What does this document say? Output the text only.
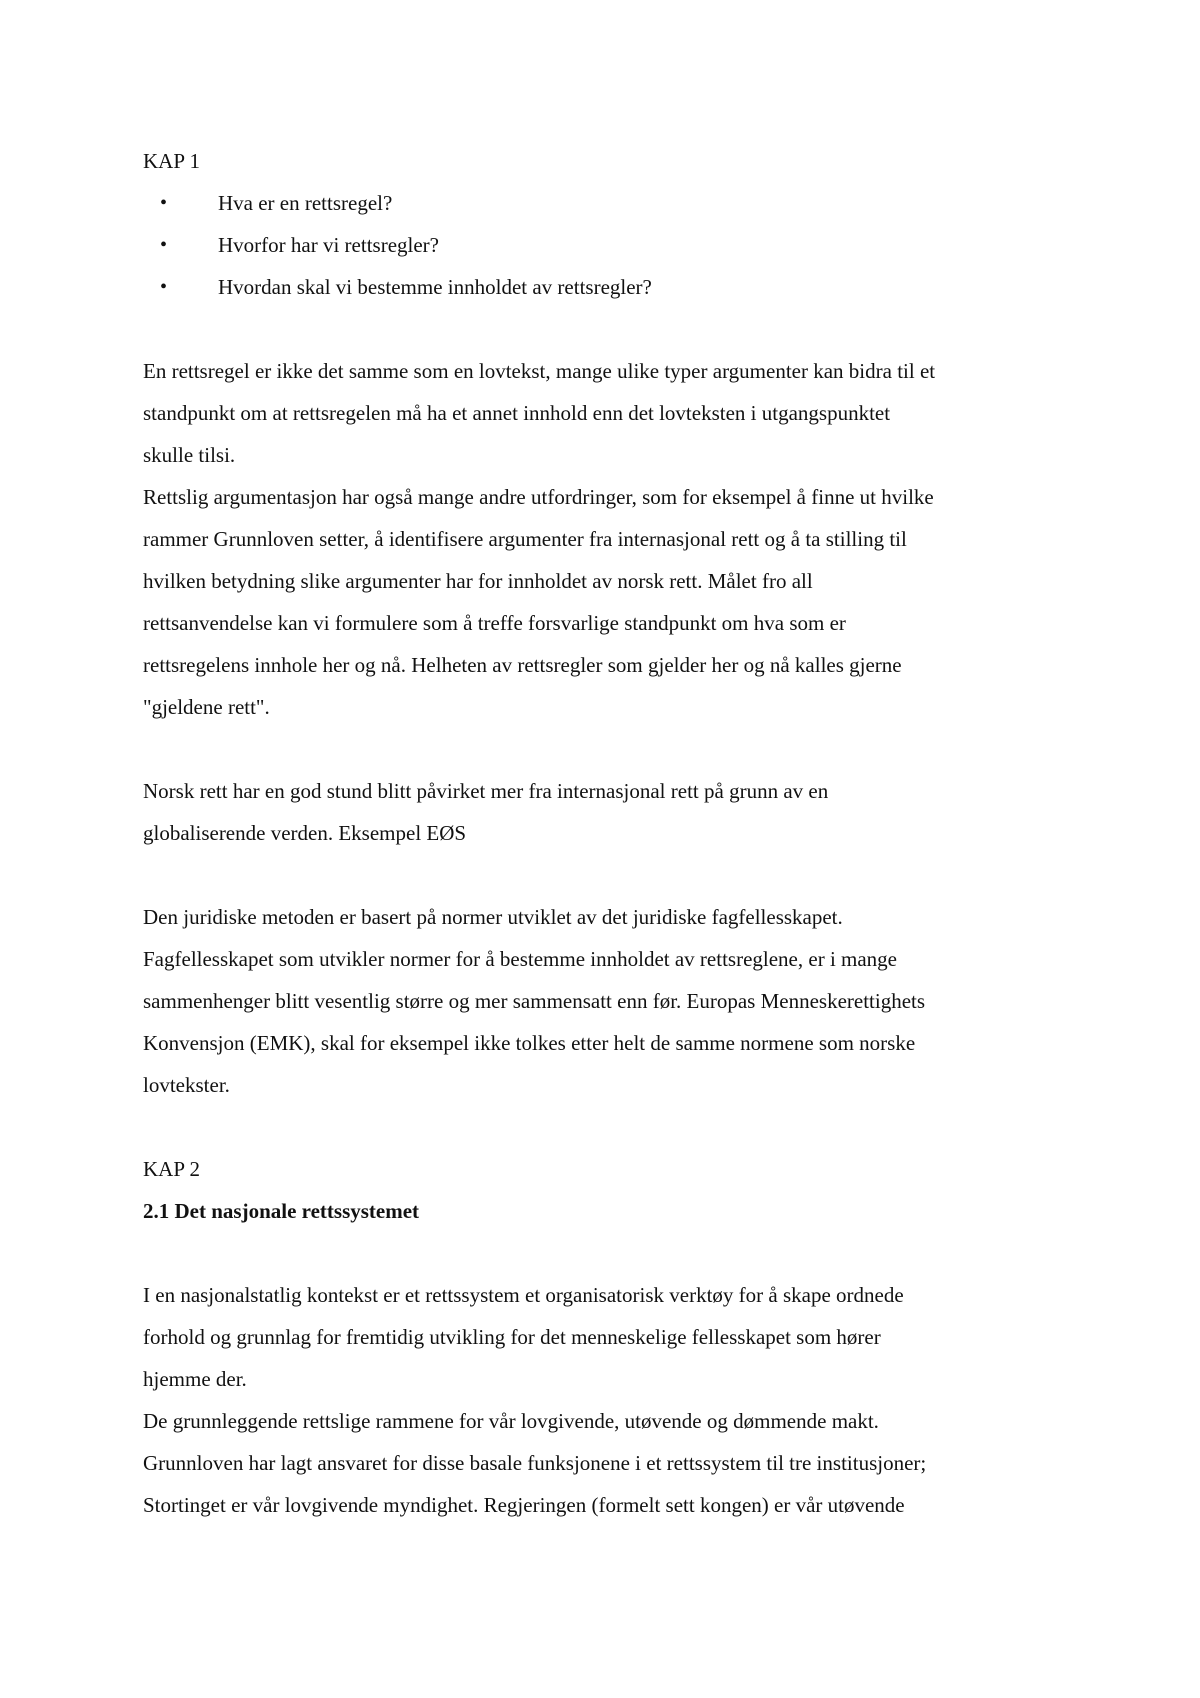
KAP 1
• Hva er en rettsregel?
• Hvorfor har vi rettsregler?
• Hvordan skal vi bestemme innholdet av rettsregler?
En rettsregel er ikke det samme som en lovtekst, mange ulike typer argumenter kan bidra til et
standpunkt om at rettsregelen må ha et annet innhold enn det lovteksten i utgangspunktet
skulle tilsi.
Rettslig argumentasjon har også mange andre utfordringer, som for eksempel å finne ut hvilke
rammer Grunnloven setter, å identifisere argumenter fra internasjonal rett og å ta stilling til
hvilken betydning slike argumenter har for innholdet av norsk rett. Målet fro all
rettsanvendelse kan vi formulere som å treffe forsvarlige standpunkt om hva som er
rettsregelens innhole her og nå. Helheten av rettsregler som gjelder her og nå kalles gjerne
"gjeldene rett".
Norsk rett har en god stund blitt påvirket mer fra internasjonal rett på grunn av en
globaliserende verden. Eksempel EØS
Den juridiske metoden er basert på normer utviklet av det juridiske fagfellesskapet.
Fagfellesskapet som utvikler normer for å bestemme innholdet av rettsreglene, er i mange
sammenhenger blitt vesentlig større og mer sammensatt enn før. Europas Menneskerettighets
Konvensjon (EMK), skal for eksempel ikke tolkes etter helt de samme normene som norske
lovtekster.
KAP 2
2.1 Det nasjonale rettssystemet
I en nasjonalstatlig kontekst er et rettssystem et organisatorisk verktøy for å skape ordnede
forhold og grunnlag for fremtidig utvikling for det menneskelige fellesskapet som hører
hjemme der.
De grunnleggende rettslige rammene for vår lovgivende, utøvende og dømmende makt.
Grunnloven har lagt ansvaret for disse basale funksjonene i et rettssystem til tre institusjoner;
Stortinget er vår lovgivende myndighet. Regjeringen (formelt sett kongen) er vår utøvende
